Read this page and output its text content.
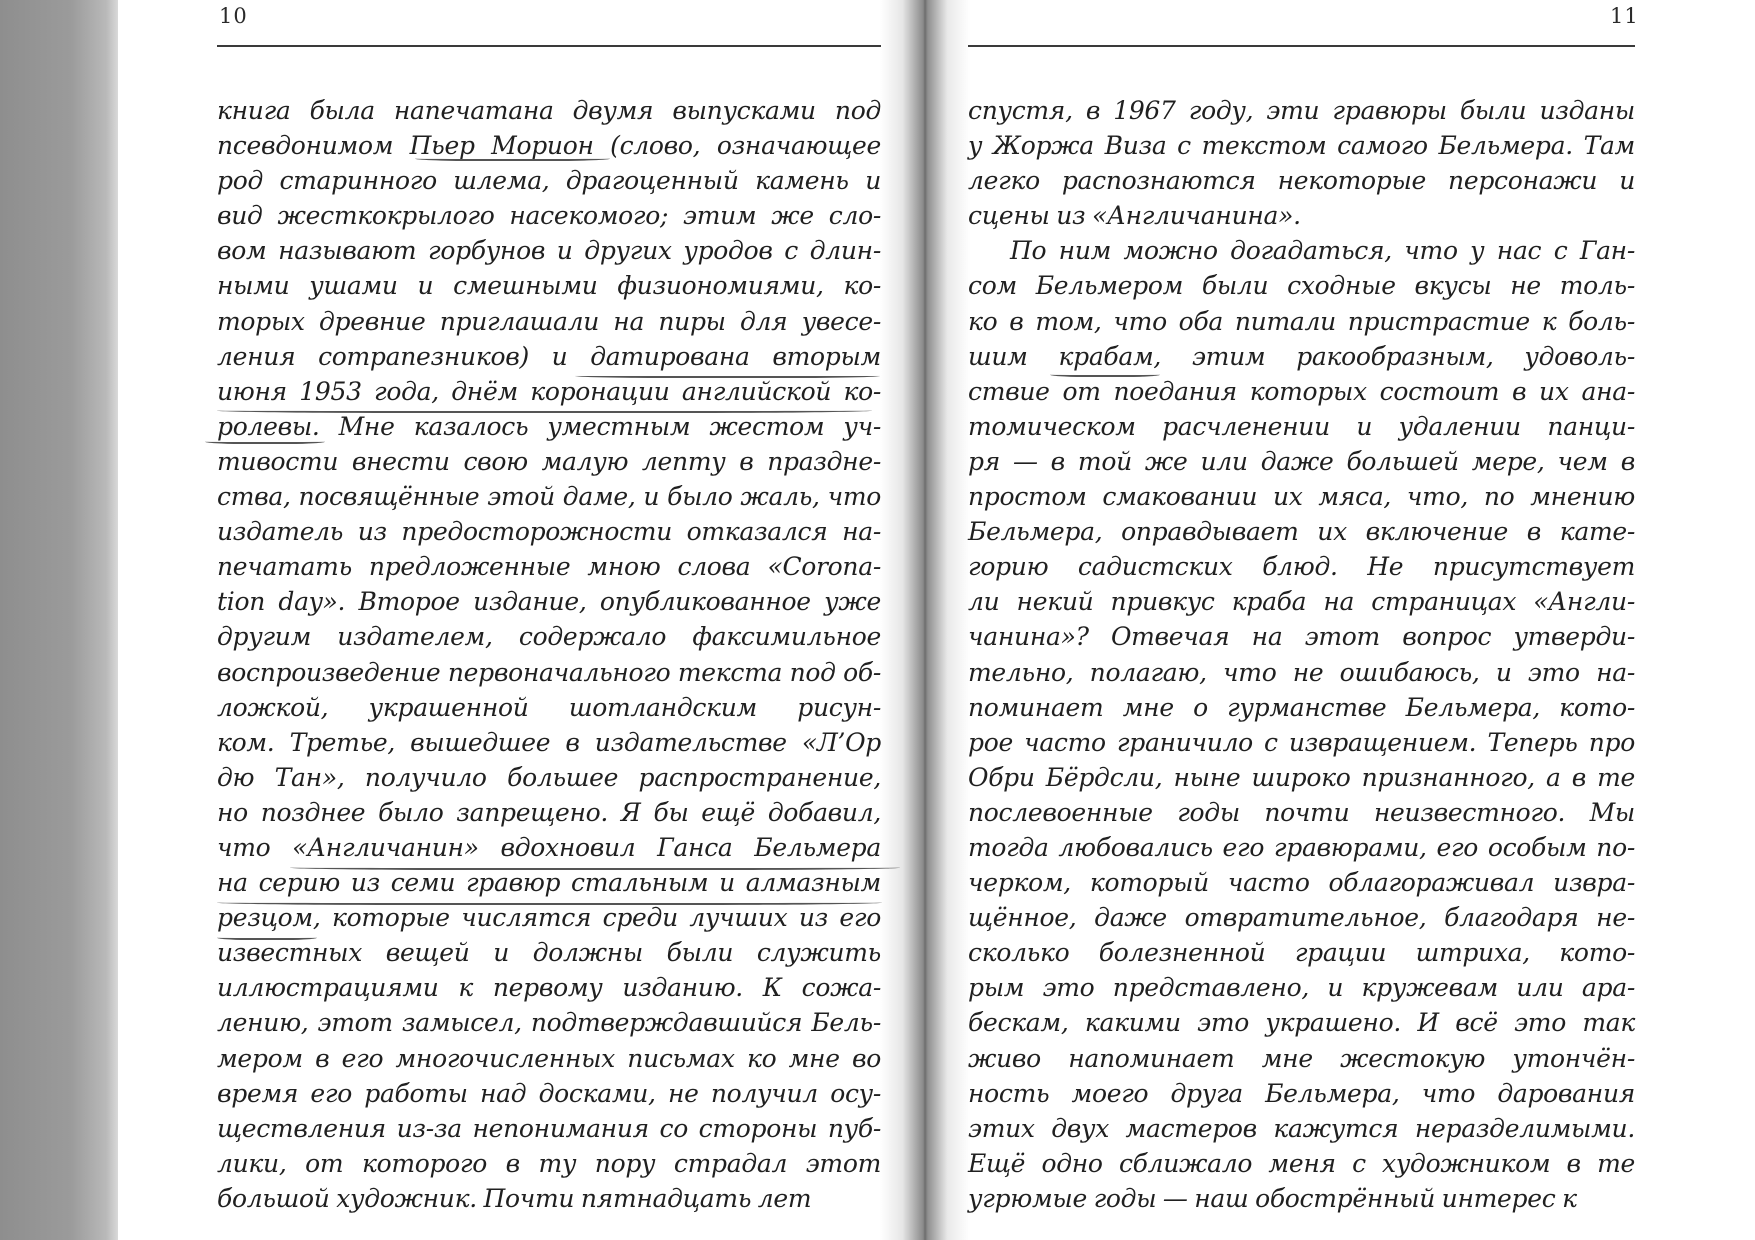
10
книга была напечатана двумя выпусками под
псевдонимом Пьер Морион (слово, означающее
род старинного шлема, драгоценный камень и
вид жесткокрылого насекомого; этим же сло-
вом называют горбунов и других уродов с длин-
ными ушами и смешными физиономиями, ко-
торых древние приглашали на пиры для увесе-
ления сотрапезников) и датирована вторым
июня 1953 года, днём коронации английской ко-
ролевы. Мне казалось уместным жестом уч-
тивости внести свою малую лепту в праздне-
ства, посвящённые этой даме, и было жаль, что
издатель из предосторожности отказался на-
печатать предложенные мною слова «Corona-
tion day». Второе издание, опубликованное уже
другим издателем, содержало факсимильное
воспроизведение первоначального текста под об-
ложкой, украшенной шотландским рисун-
ком. Третье, вышедшее в издательстве «Л’Ор
дю Тан», получило большее распространение,
но позднее было запрещено. Я бы ещё добавил,
что «Англичанин» вдохновил Ганса Бельмера
на серию из семи гравюр стальным и алмазным
резцом, которые числятся среди лучших из его
известных вещей и должны были служить
иллюстрациями к первому изданию. К сожа-
лению, этот замысел, подтверждавшийся Бель-
мером в его многочисленных письмах ко мне во
время его работы над досками, не получил осу-
ществления из-за непонимания со стороны пуб-
лики, от которого в ту пору страдал этот
большой художник. Почти пятнадцать лет
11
спустя, в 1967 году, эти гравюры были изданы
у Жоржа Виза с текстом самого Бельмера. Там
легко распознаются некоторые персонажи и
сцены из «Англичанина».
По ним можно догадаться, что у нас с Ган-
сом Бельмером были сходные вкусы не толь-
ко в том, что оба питали пристрастие к боль-
шим крабам, этим ракообразным, удоволь-
ствие от поедания которых состоит в их ана-
томическом расчленении и удалении панци-
ря — в той же или даже большей мере, чем в
простом смаковании их мяса, что, по мнению
Бельмера, оправдывает их включение в кате-
горию садистских блюд. Не присутствует
ли некий привкус краба на страницах «Англи-
чанина»? Отвечая на этот вопрос утверди-
тельно, полагаю, что не ошибаюсь, и это на-
поминает мне о гурманстве Бельмера, кото-
рое часто граничило с извращением. Теперь про
Обри Бёрдсли, ныне широко признанного, а в те
послевоенные годы почти неизвестного. Мы
тогда любовались его гравюрами, его особым по-
черком, который часто облагораживал извра-
щённое, даже отвратительное, благодаря не-
сколько болезненной грации штриха, кото-
рым это представлено, и кружевам или ара-
бескам, какими это украшено. И всё это так
живо напоминает мне жестокую утончён-
ность моего друга Бельмера, что дарования
этих двух мастеров кажутся неразделимыми.
Ещё одно сближало меня с художником в те
угрюмые годы — наш обострённый интерес к
